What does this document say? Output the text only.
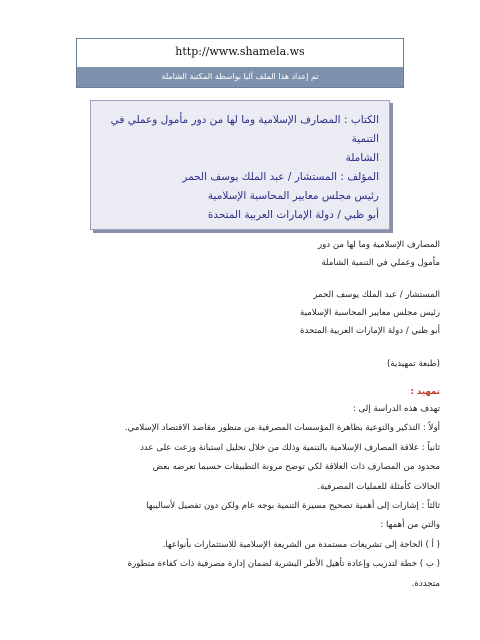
http://www.shamela.ws
تم إعداد هذا الملف آليا بواسطة المكتبة الشاملة
الكتاب : المصارف الإسلامية وما لها من دور مأمول وعملي في التنمية
الشاملة
المؤلف : المستشار / عبد الملك يوسف الحمر
رئيس مجلس معايير المحاسبة الإسلامية
أبو ظبي / دولة الإمارات العربية المتحدة
المصارف الإسلامية وما لها من دور
مأمول وعملي في التنمية الشاملة
المستشار / عبد الملك يوسف الحمر
رئيس مجلس معايير المحاسبة الإسلامية
أبو ظبي / دولة الإمارات العربية المتحدة
(طبعة تمهيدية)
تمهيد :
تهدف هذه الدراسة إلى :
أولاً : التذكير والتوعية بظاهرة المؤسسات المصرفية من منظور مقاصد الاقتصاد الإسلامي.
ثانياً : علاقة المصارف الإسلامية بالتنمية وذلك من خلال تحليل استبانة وزعت على عدد
محدود من المصارف ذات العلاقة لكي توضح مرونة التطبيقات حسبما تعرضه بعض
الحالات كأمثلة للعمليات المصرفية.
ثالثاً : إشارات إلى أهمية تصحيح مسيرة التنمية بوجه عام ولكن دون تفصيل لأساليبها
والتي من أهمها :
( أ ) الحاجة إلى تشريعات مستمدة من الشريعة الإسلامية للاستثمارات بأنواعها.
( ب ) خطة لتدريب وإعادة تأهيل الأطر البشرية لضمان إدارة مصرفية ذات كفاءة متطورة
متجددة.
